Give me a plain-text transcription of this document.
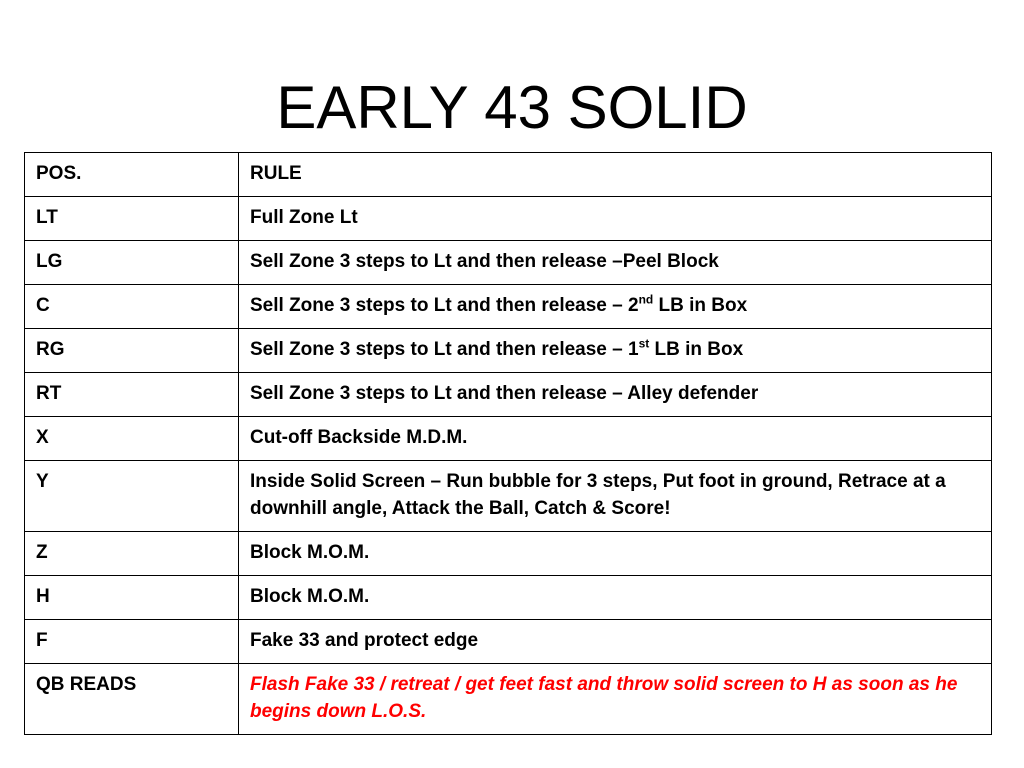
EARLY 43 SOLID
POS.	RULE
LT	Full Zone Lt
LG	Sell Zone 3 steps to Lt and then release –Peel Block
C	Sell Zone 3 steps to Lt and then release – 2nd LB in Box
RG	Sell Zone 3 steps to Lt and then release – 1st LB in Box
RT	Sell Zone 3 steps to Lt and then release – Alley defender
X	Cut-off Backside M.D.M.
Y	Inside Solid Screen – Run bubble for 3 steps, Put foot in ground, Retrace at a downhill angle, Attack the Ball, Catch & Score!
Z	Block M.O.M.
H	Block M.O.M.
F	Fake 33 and protect edge
QB READS	Flash Fake 33 / retreat / get feet fast and throw solid screen to H as soon as he begins down L.O.S.
